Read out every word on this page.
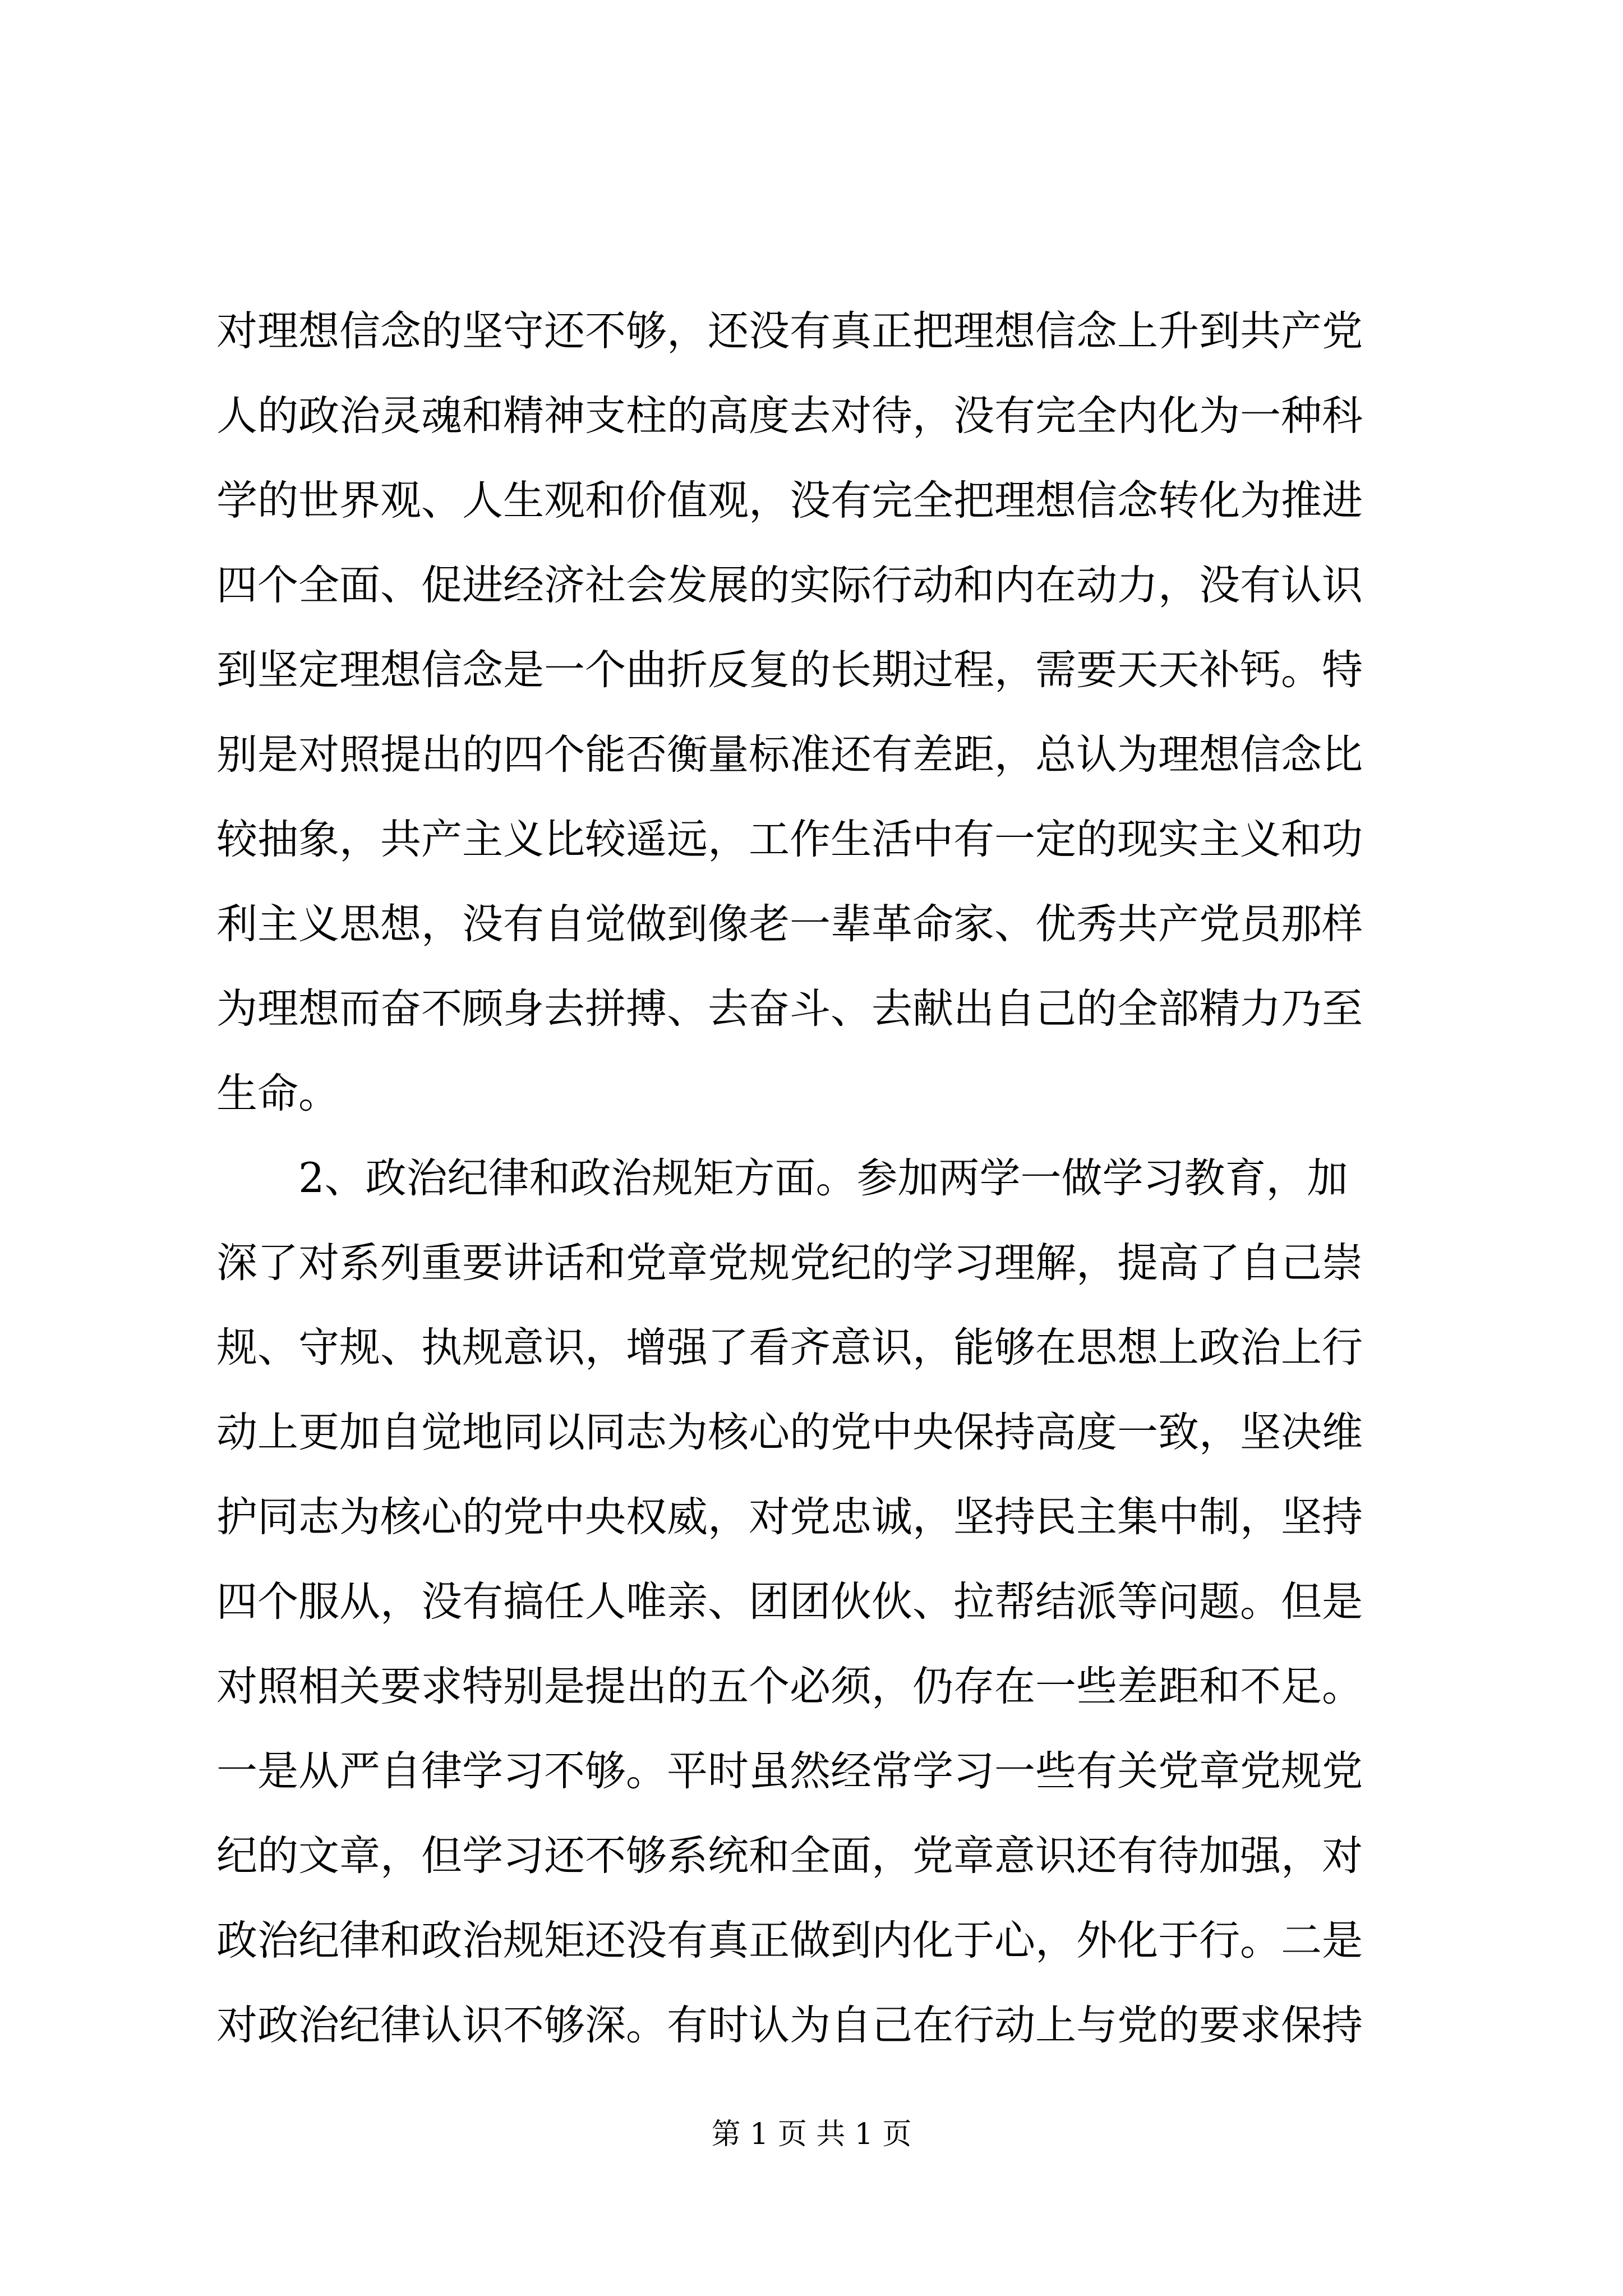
对理想信念的坚守还不够，还没有真正把理想信念上升到共产党
人的政治灵魂和精神支柱的高度去对待，没有完全内化为一种科
学的世界观、人生观和价值观，没有完全把理想信念转化为推进
四个全面、促进经济社会发展的实际行动和内在动力，没有认识
到坚定理想信念是一个曲折反复的长期过程，需要天天补钙。特
别是对照提出的四个能否衡量标准还有差距，总认为理想信念比
较抽象，共产主义比较遥远，工作生活中有一定的现实主义和功
利主义思想，没有自觉做到像老一辈革命家、优秀共产党员那样
为理想而奋不顾身去拼搏、去奋斗、去献出自己的全部精力乃至
生命。
2、政治纪律和政治规矩方面。参加两学一做学习教育，加
深了对系列重要讲话和党章党规党纪的学习理解，提高了自己崇
规、守规、执规意识，增强了看齐意识，能够在思想上政治上行
动上更加自觉地同以同志为核心的党中央保持高度一致，坚决维
护同志为核心的党中央权威，对党忠诚，坚持民主集中制，坚持
四个服从，没有搞任人唯亲、团团伙伙、拉帮结派等问题。但是
对照相关要求特别是提出的五个必须，仍存在一些差距和不足。
一是从严自律学习不够。平时虽然经常学习一些有关党章党规党
纪的文章，但学习还不够系统和全面，党章意识还有待加强，对
政治纪律和政治规矩还没有真正做到内化于心，外化于行。二是
对政治纪律认识不够深。有时认为自己在行动上与党的要求保持
第 1 页 共 1 页
